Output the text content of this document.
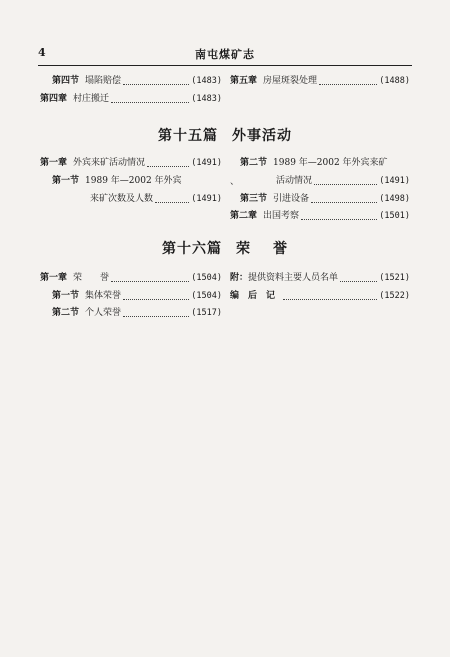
4	南屯煤矿志
第四节 塌陷赔偿	(1483)
第四章 村庄搬迁	(1483)
第五章 房屋斑裂处理	(1488)
第十五篇 外事活动
第一章 外宾来矿活动情况	(1491)
第一节 1989 年—2002 年外宾
来矿次数及人数	(1491)
第二节 1989 年—2002 年外宾来矿
、	活动情况	(1491)
第三节 引进设备	(1498)
第二章 出国考察	(1501)
第十六篇 荣 誉
第一章 荣　　誉	(1504)
第一节 集体荣誉	(1504)
第二节 个人荣誉	(1517)
附： 提供资料主要人员名单	(1521)
编　后　记	(1522)
